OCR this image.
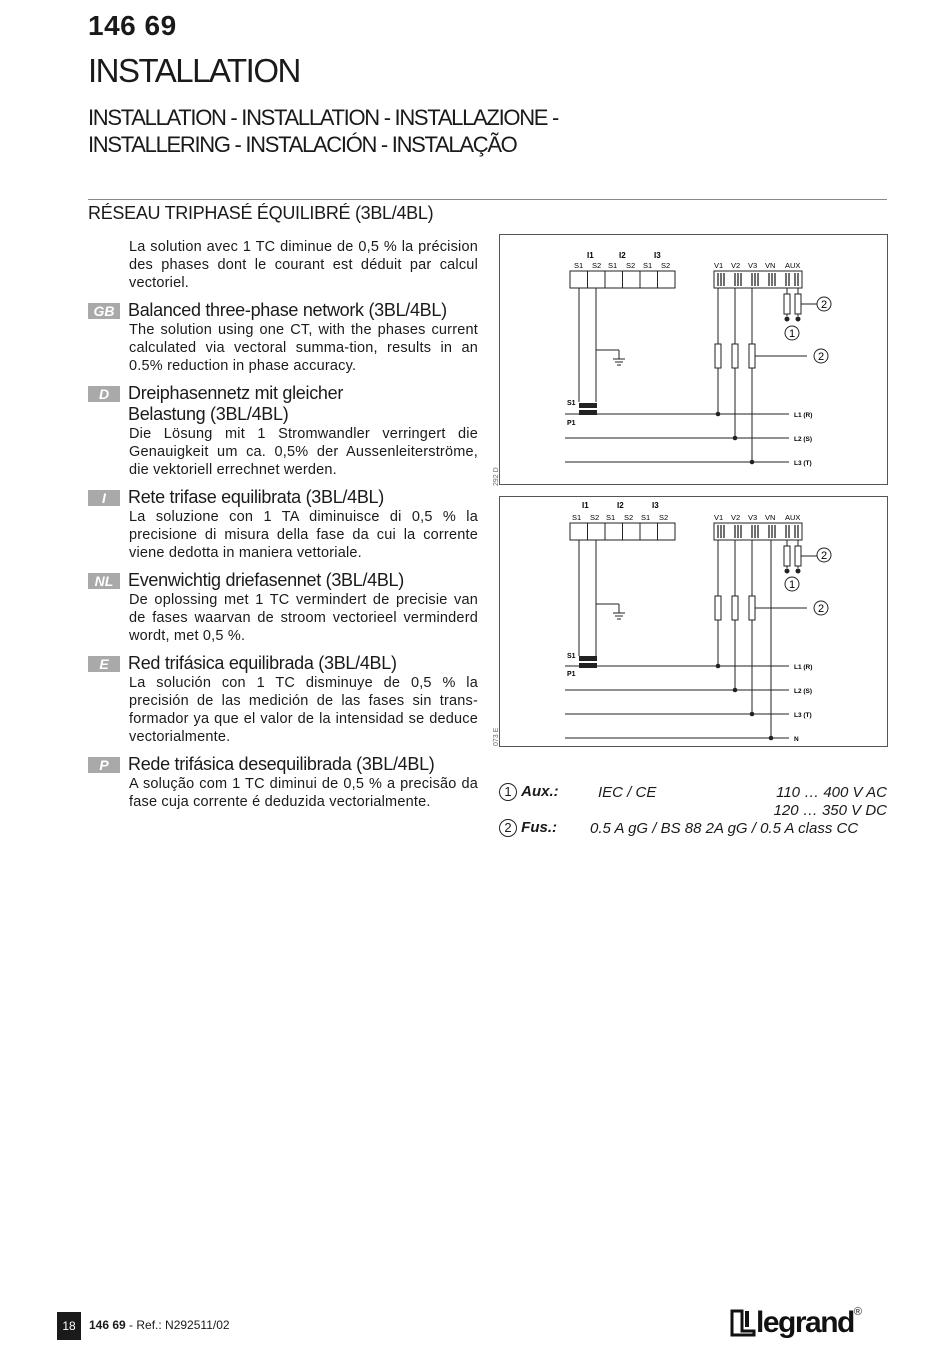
146 69
INSTALLATION
INSTALLATION - INSTALLATION - INSTALLAZIONE -
INSTALLERING - INSTALACIÓN - INSTALAÇÃO
RÉSEAU TRIPHASÉ ÉQUILIBRÉ (3BL/4BL)
La solution avec 1 TC diminue de 0,5 % la précision des phases dont le courant est déduit par calcul vectoriel.
GB Balanced three-phase network (3BL/4BL)
The solution using one CT, with the phases current calculated via vectoral summa-tion, results in an 0.5% reduction in phase accuracy.
D	Dreiphasennetz mit gleicher Belastung (3BL/4BL)
Die Lösung mit 1 Stromwandler verringert die Genauigkeit um ca. 0,5% der Aussenleiterströme, die vektoriell errechnet werden.
I	Rete trifase equilibrata (3BL/4BL)
La soluzione con 1 TA diminuisce di 0,5 % la precisione di misura della fase da cui la corrente viene dedotta in maniera vettoriale.
NL Evenwichtig driefasennet (3BL/4BL)
De oplossing met 1 TC vermindert de precisie van de fases waarvan de stroom vectorieel verminderd wordt, met 0,5 %.
E	Red trifásica equilibrada (3BL/4BL)
La solución con 1 TC disminuye de 0,5 % la precisión de las medición de las fases sin trans-formador ya que el valor de la intensidad se deduce vectorialmente.
P	Rede trifásica desequilibrada (3BL/4BL)
A solução com 1 TC diminui de 0,5 % a precisão da fase cuja corrente é deduzida vectorialmente.
I1	I2	I3
S1 S2 S1 S2 S1 S2	V1 V2 V3 VN AUX
S1
P1
2
1
2
L1 (R)
L2 (S)
L3 (T)
292 D
I1	I2	I3
S1 S2 S1 S2 S1 S2	V1 V2 V3 VN AUX
S1
P1
2
1
2
L1 (R)
L2 (S)
L3 (T)
N
073 E
1 Aux.:	IEC / CE	110 … 400 V AC
120 … 350 V DC
2 Fus.: 0.5 A gG / BS 88 2A gG / 0.5 A class CC
18	146 69 - Ref.: N292511/02	legrand®
